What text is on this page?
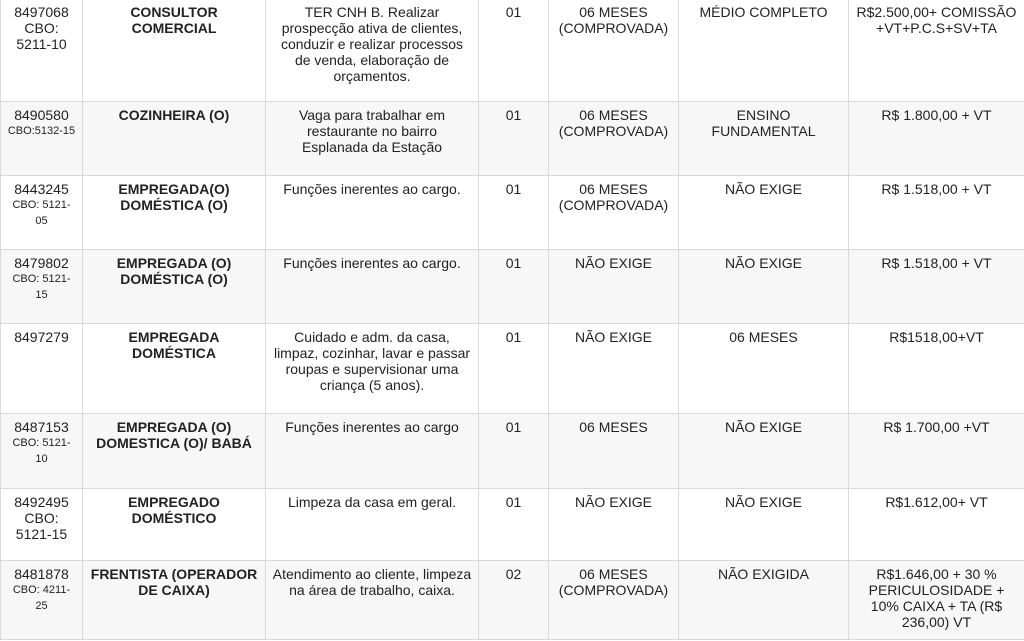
8497068
CBO: 5211-10	CONSULTOR COMERCIAL	TER CNH B. Realizar prospecção ativa de clientes, conduzir e realizar processos de venda, elaboração de orçamentos.	01	06 MESES (COMPROVADA)	MÉDIO COMPLETO	R$2.500,00+ COMISSÃO +VT+P.C.S+SV+TA

8490580
CBO:5132-15	COZINHEIRA (O)	Vaga para trabalhar em restaurante no bairro Esplanada da Estação	01	06 MESES (COMPROVADA)	ENSINO FUNDAMENTAL	R$ 1.800,00 + VT

8443245
CBO: 5121-05	EMPREGADA(O) DOMÉSTICA (O)	Funções inerentes ao cargo.	01	06 MESES (COMPROVADA)	NÃO EXIGE	R$ 1.518,00 + VT

8479802
CBO: 5121-15	EMPREGADA (O) DOMÉSTICA (O)	Funções inerentes ao cargo.	01	NÃO EXIGE	NÃO EXIGE	R$ 1.518,00 + VT

8497279	EMPREGADA DOMÉSTICA	Cuidado e adm. da casa, limpaz, cozinhar, lavar e passar roupas e supervisionar uma criança (5 anos).	01	NÃO EXIGE	06 MESES	R$1518,00+VT

8487153
CBO: 5121-10	EMPREGADA (O) DOMESTICA (O)/ BABÁ	Funções inerentes ao cargo	01	06 MESES	NÃO EXIGE	R$ 1.700,00 +VT

8492495
CBO: 5121-15	EMPREGADO DOMÉSTICO	Limpeza da casa em geral.	01	NÃO EXIGE	NÃO EXIGE	R$1.612,00+ VT

8481878
CBO: 4211-25	FRENTISTA (OPERADOR DE CAIXA)	Atendimento ao cliente, limpeza na área de trabalho, caixa.	02	06 MESES (COMPROVADA)	NÃO EXIGIDA	R$1.646,00 + 30 % PERICULOSIDADE + 10% CAIXA + TA (R$ 236,00) VT
